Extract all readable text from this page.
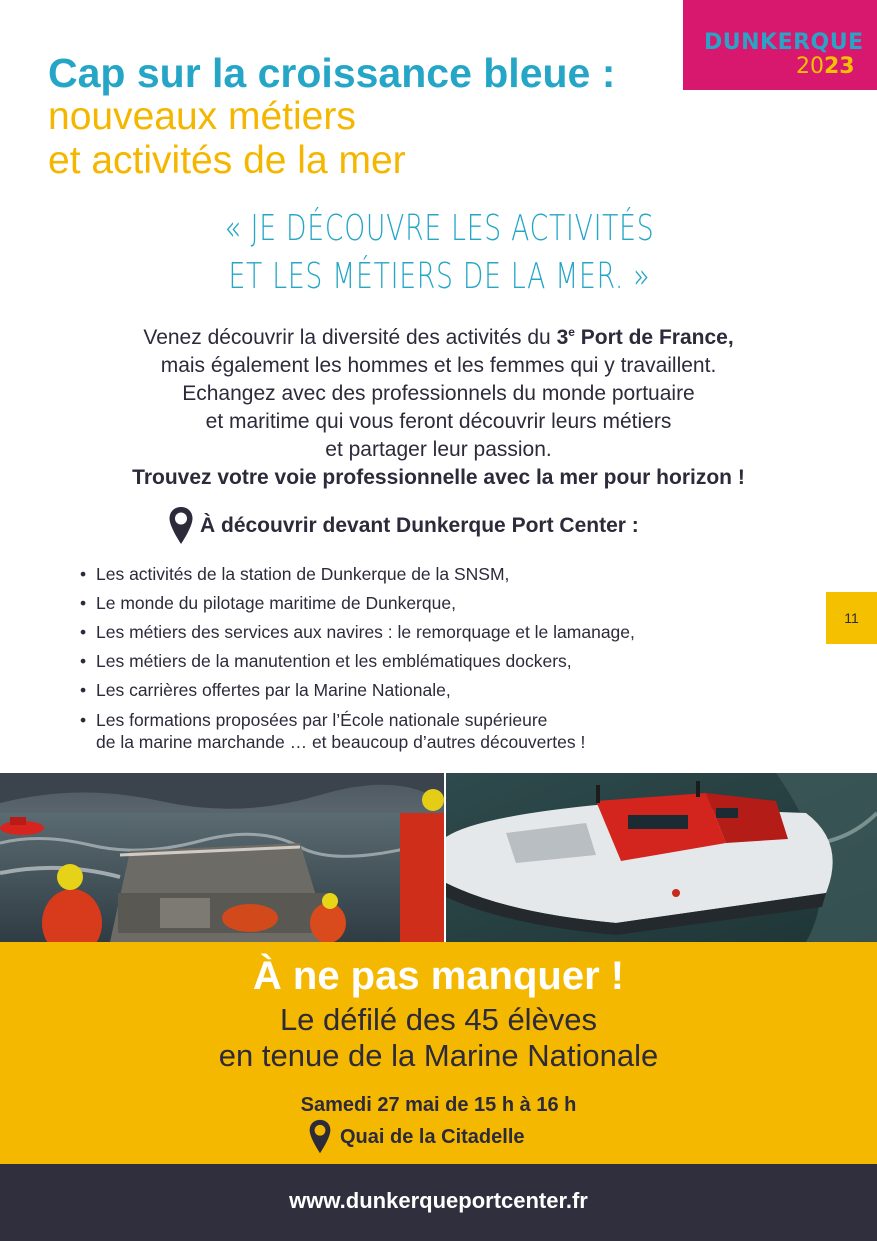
DUNKERQUE
2023
Cap sur la croissance bleue :
nouveaux métiers
et activités de la mer
« JE DÉCOUVRE LES ACTIVITÉS
ET LES MÉTIERS DE LA MER. »
Venez découvrir la diversité des activités du 3e Port de France,
mais également les hommes et les femmes qui y travaillent.
Echangez avec des professionnels du monde portuaire
et maritime qui vous feront découvrir leurs métiers
et partager leur passion.
Trouvez votre voie professionnelle avec la mer pour horizon !
À découvrir devant Dunkerque Port Center :
• Les activités de la station de Dunkerque de la SNSM,
• Le monde du pilotage maritime de Dunkerque,
• Les métiers des services aux navires : le remorquage et le lamanage,
• Les métiers de la manutention et les emblématiques dockers,
• Les carrières offertes par la Marine Nationale,
• Les formations proposées par l’École nationale supérieure
de la marine marchande … et beaucoup d’autres découvertes !
11
À ne pas manquer !
Le défilé des 45 élèves
en tenue de la Marine Nationale
Samedi 27 mai de 15 h à 16 h
Quai de la Citadelle
www.dunkerqueportcenter.fr
